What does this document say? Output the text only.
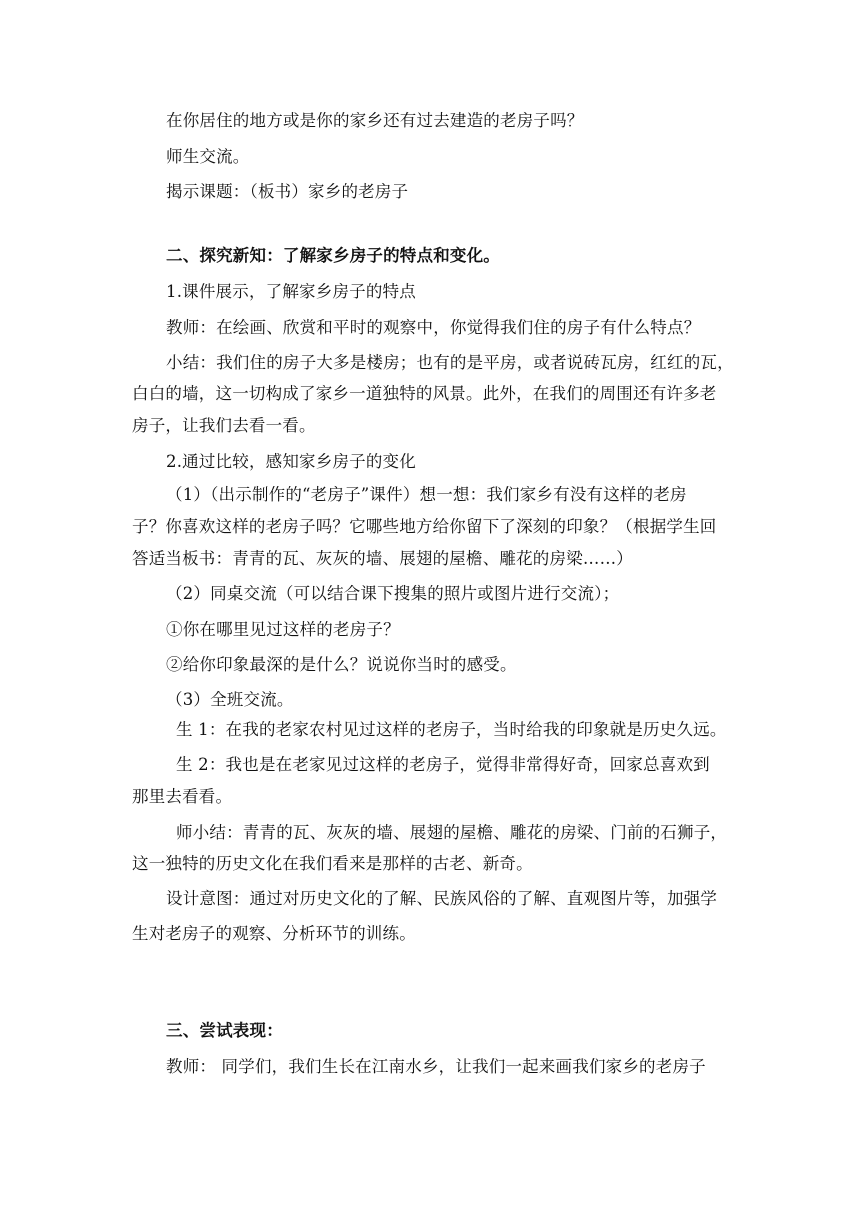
在你居住的地方或是你的家乡还有过去建造的老房子吗？
师生交流。
揭示课题：（板书）家乡的老房子
二、探究新知：了解家乡房子的特点和变化。
1.课件展示，了解家乡房子的特点
教师：在绘画、欣赏和平时的观察中，你觉得我们住的房子有什么特点？
小结：我们住的房子大多是楼房；也有的是平房，或者说砖瓦房，红红的瓦，
白白的墙，这一切构成了家乡一道独特的风景。此外，在我们的周围还有许多老
房子，让我们去看一看。
2.通过比较，感知家乡房子的变化
（1）（出示制作的“老房子”课件）想一想：我们家乡有没有这样的老房
子？你喜欢这样的老房子吗？它哪些地方给你留下了深刻的印象？（根据学生回
答适当板书：青青的瓦、灰灰的墙、展翅的屋檐、雕花的房梁……）
（2）同桌交流（可以结合课下搜集的照片或图片进行交流）；
①你在哪里见过这样的老房子？
②给你印象最深的是什么？说说你当时的感受。
（3）全班交流。
生 1：在我的老家农村见过这样的老房子，当时给我的印象就是历史久远。
生 2：我也是在老家见过这样的老房子，觉得非常得好奇，回家总喜欢到
那里去看看。
师小结：青青的瓦、灰灰的墙、展翅的屋檐、雕花的房梁、门前的石狮子，
这一独特的历史文化在我们看来是那样的古老、新奇。
设计意图：通过对历史文化的了解、民族风俗的了解、直观图片等，加强学
生对老房子的观察、分析环节的训练。
三、尝试表现：
教师： 同学们，我们生长在江南水乡，让我们一起来画我们家乡的老房子
